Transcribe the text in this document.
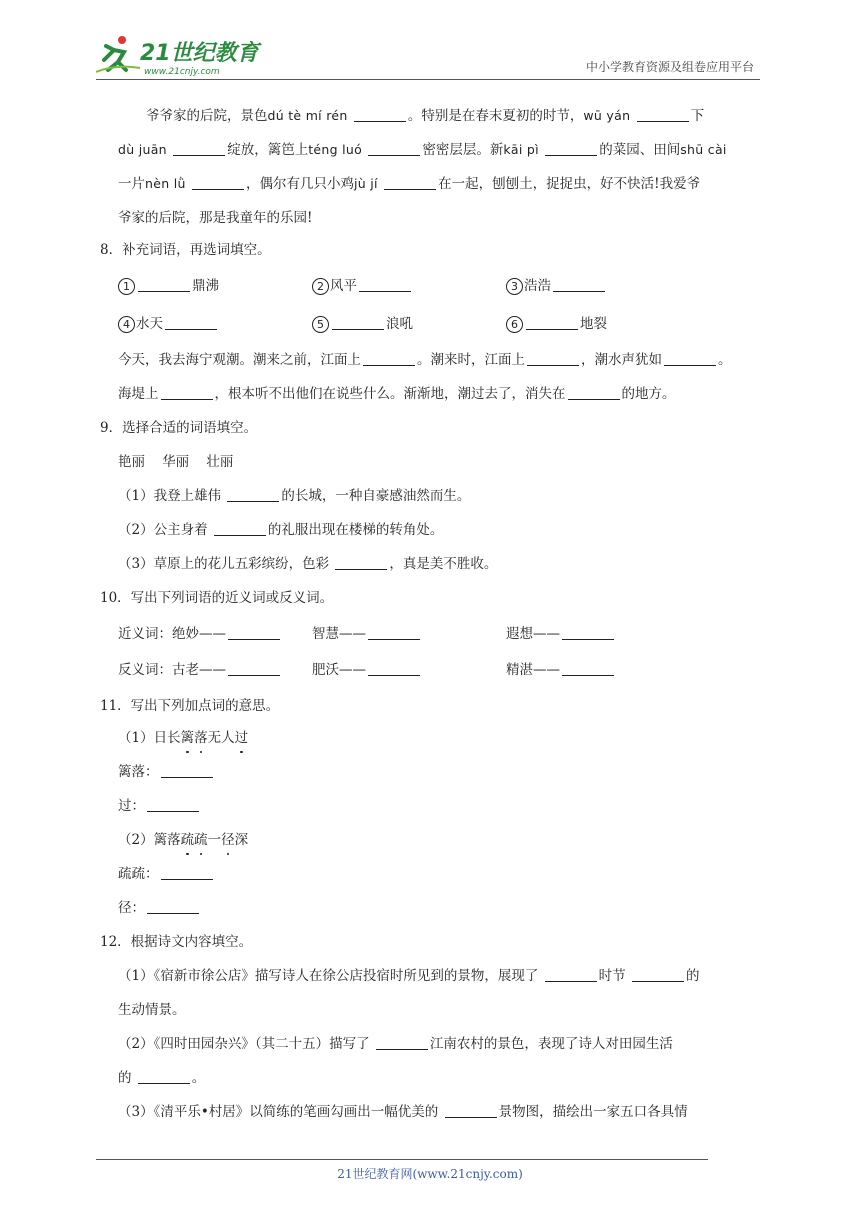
21世纪教育
www.21cnjy.com	中小学教育资源及组卷应用平台
爷爷家的后院，景色dú tè mí rén	。特别是在春末夏初的时节，wū yán	下
dù juān	绽放，篱笆上téng luó	密密层层。新kāi pì	的菜园、田间shū cài
一片nèn lǜ	，偶尔有几只小鸡jù jí	在一起，刨刨土，捉捉虫，好不快活!我爱爷
爷家的后院，那是我童年的乐园!
8．补充词语，再选词填空。
1	鼎沸	2 风平	3 浩浩
4 水天	5	浪吼	6	地裂
今天，我去海宁观潮。潮来之前，江面上	。潮来时，江面上	，潮水声犹如	。
海堤上	，根本听不出他们在说些什么。渐渐地，潮过去了，消失在	的地方。
9．选择合适的词语填空。
艳丽    华丽    壮丽
（1）我登上雄伟	的长城，一种自豪感油然而生。
（2）公主身着	的礼服出现在楼梯的转角处。
（3）草原上的花儿五彩缤纷，色彩	，真是美不胜收。
10．写出下列词语的近义词或反义词。
近义词：绝妙——	智慧——	遐想——
反义词：古老——	肥沃——	精湛——
11．写出下列加点词的意思。
（1）日长篱落无人过
篱落：
过：
（2）篱落疏疏一径深
疏疏：
径：
12．根据诗文内容填空。
（1）《宿新市徐公店》描写诗人在徐公店投宿时所见到的景物，展现了	时节	的
生动情景。
（2）《四时田园杂兴》（其二十五）描写了	江南农村的景色，表现了诗人对田园生活
的	。
（3）《清平乐•村居》以简练的笔画勾画出一幅优美的	景物图，描绘出一家五口各具情
21世纪教育网(www.21cnjy.com)
